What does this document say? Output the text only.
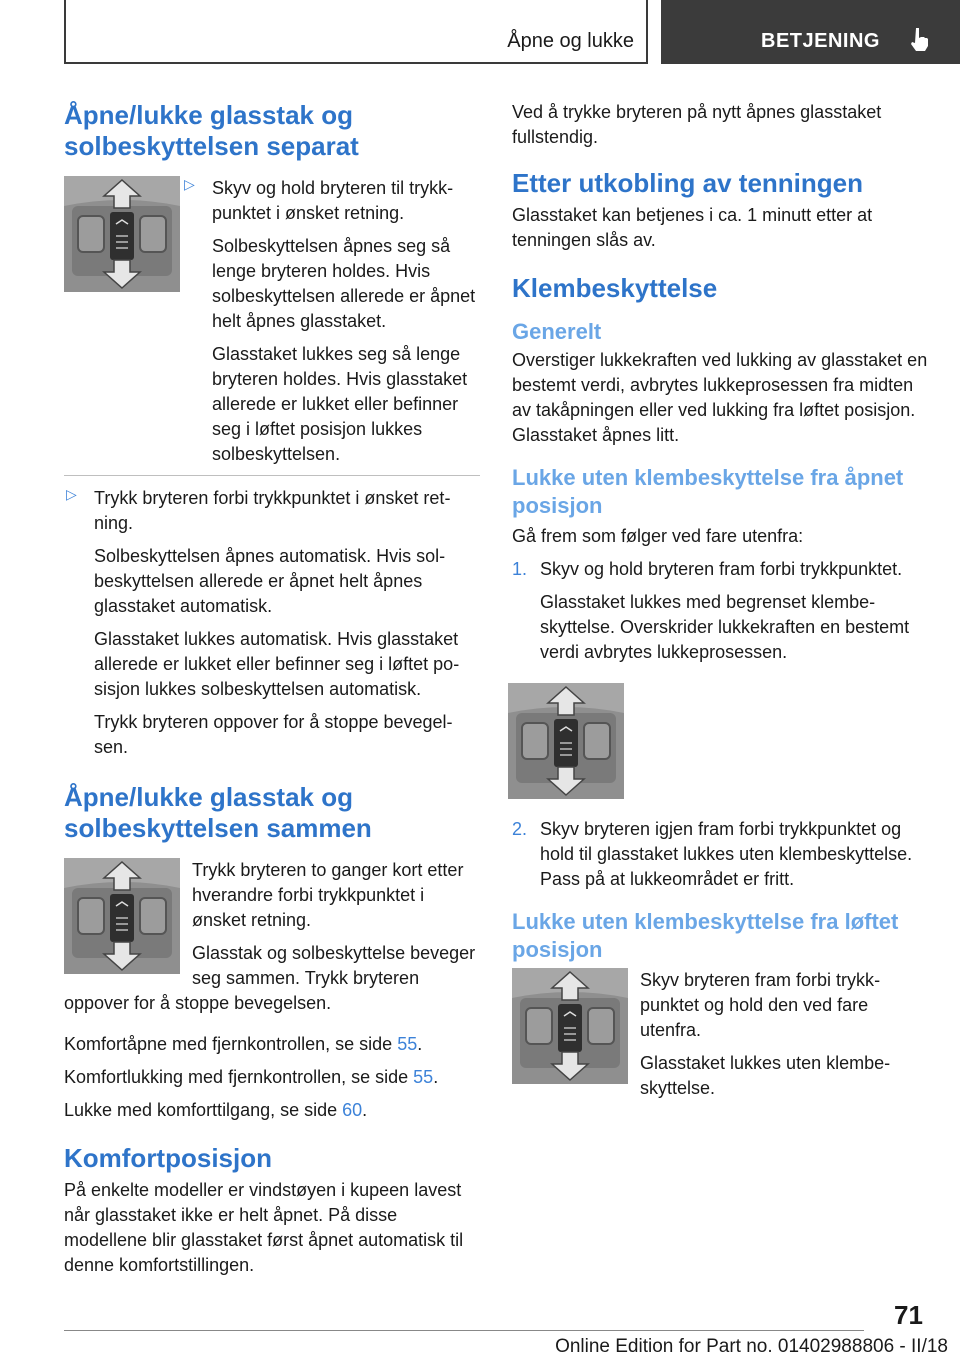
Åpne og lukke	BETJENING
Åpne/lukke glasstak og solbeskyttelsen separat
▷ Skyv og hold bryteren til trykkpunktet i ønsket retning.

Solbeskyttelsen åpnes seg så lenge bryteren holdes. Hvis solbeskyttelsen allerede er åpnet helt åpnes glasstaket.

Glasstaket lukkes seg så lenge bryteren holdes. Hvis glasstaket allerede er lukket eller befinner seg i løftet posisjon lukkes solbeskyttelsen.

▷ Trykk bryteren forbi trykkpunktet i ønsket retning.

Solbeskyttelsen åpnes automatisk. Hvis solbeskyttelsen allerede er åpnet helt åpnes glasstaket automatisk.

Glasstaket lukkes automatisk. Hvis glasstaket allerede er lukket eller befinner seg i løftet posisjon lukkes solbeskyttelsen automatisk.

Trykk bryteren oppover for å stoppe bevegelsen.

Åpne/lukke glasstak og solbeskyttelsen sammen

Trykk bryteren to ganger kort etter hverandre forbi trykkpunktet i ønsket retning.

Glasstak og solbeskyttelse beveger seg sammen. Trykk bryteren oppover for å stoppe bevegelsen.

Komfortåpne med fjernkontrollen, se side 55.

Komfortlukking med fjernkontrollen, se side 55.

Lukke med komforttilgang, se side 60.

Komfortposisjon

På enkelte modeller er vindstøyen i kupeen lavest når glasstaket ikke er helt åpnet. På disse modellene blir glasstaket først åpnet automatisk til denne komfortstillingen.

Ved å trykke bryteren på nytt åpnes glasstaket fullstendig.

Etter utkobling av tenningen

Glasstaket kan betjenes i ca. 1 minutt etter at tenningen slås av.

Klembeskyttelse
Generelt

Overstiger lukkekraften ved lukking av glasstaket en bestemt verdi, avbrytes lukkeprosessen fra midten av takåpningen eller ved lukking fra løftet posisjon. Glasstaket åpnes litt.

Lukke uten klembeskyttelse fra åpnet posisjon

Gå frem som følger ved fare utenfra:

1. Skyv og hold bryteren fram forbi trykkpunktet.

Glasstaket lukkes med begrenset klembeskyttelse. Overskrider lukkekraften en bestemt verdi avbrytes lukkeprosessen.

2. Skyv bryteren igjen fram forbi trykkpunktet og hold til glasstaket lukkes uten klembeskyttelse. Pass på at lukkeområdet er fritt.

Lukke uten klembeskyttelse fra løftet posisjon

Skyv bryteren fram forbi trykkpunktet og hold den ved fare utenfra.

Glasstaket lukkes uten klembeskyttelse.

71
Online Edition for Part no. 01402988806 - II/18
